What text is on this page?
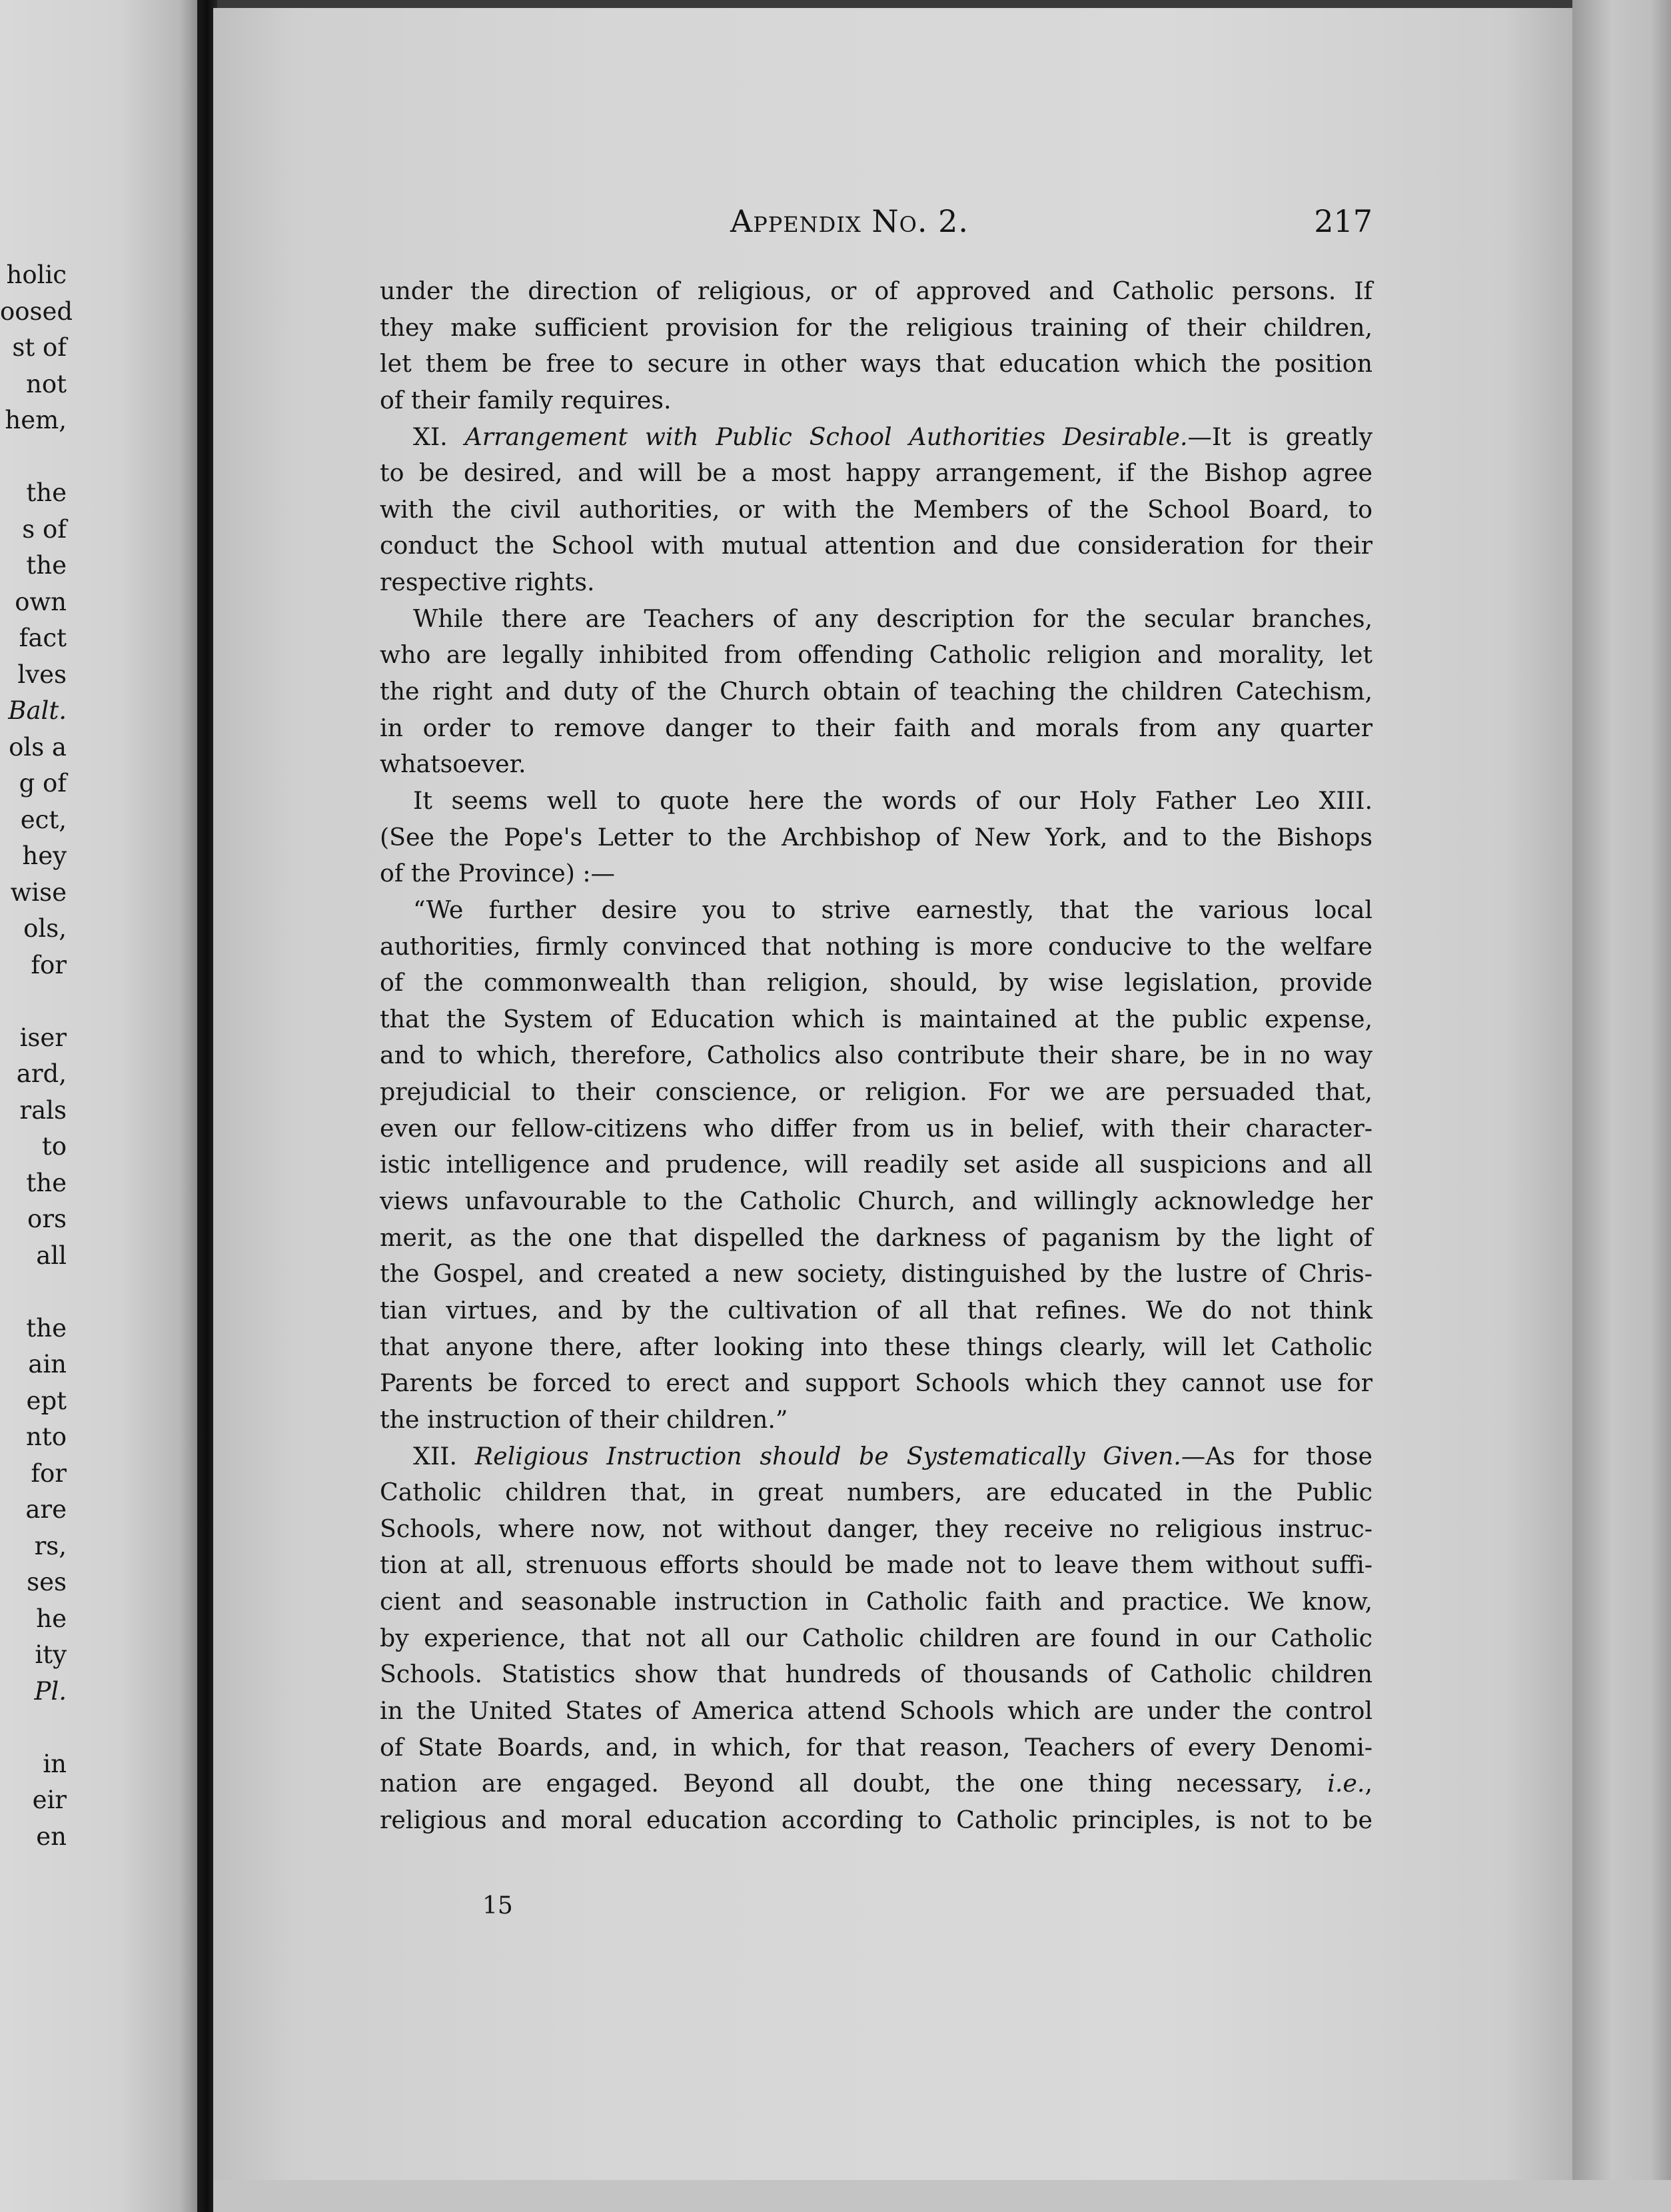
holic
oosed
st of
not
hem,
the
s of
the
own
fact
lves
Balt.
ols a
g of
ect,
hey
wise
ols,
for
iser
ard,
rals
to
the
ors
all
the
ain
ept
nto
for
are
rs,
ses
he
ity
Pl.
in
eir
en
Appendix No. 2.	217
under the direction of religious, or of approved and Catholic persons. If
they make sufficient provision for the religious training of their children,
let them be free to secure in other ways that education which the position
of their family requires.
XI. Arrangement with Public School Authorities Desirable.—It is greatly
to be desired, and will be a most happy arrangement, if the Bishop agree
with the civil authorities, or with the Members of the School Board, to
conduct the School with mutual attention and due consideration for their
respective rights.
While there are Teachers of any description for the secular branches,
who are legally inhibited from offending Catholic religion and morality, let
the right and duty of the Church obtain of teaching the children Catechism,
in order to remove danger to their faith and morals from any quarter
whatsoever.
It seems well to quote here the words of our Holy Father Leo XIII.
(See the Pope's Letter to the Archbishop of New York, and to the Bishops
of the Province) :—
“We further desire you to strive earnestly, that the various local
authorities, firmly convinced that nothing is more conducive to the welfare
of the commonwealth than religion, should, by wise legislation, provide
that the System of Education which is maintained at the public expense,
and to which, therefore, Catholics also contribute their share, be in no way
prejudicial to their conscience, or religion. For we are persuaded that,
even our fellow-citizens who differ from us in belief, with their character-
istic intelligence and prudence, will readily set aside all suspicions and all
views unfavourable to the Catholic Church, and willingly acknowledge her
merit, as the one that dispelled the darkness of paganism by the light of
the Gospel, and created a new society, distinguished by the lustre of Chris-
tian virtues, and by the cultivation of all that refines. We do not think
that anyone there, after looking into these things clearly, will let Catholic
Parents be forced to erect and support Schools which they cannot use for
the instruction of their children.”
XII. Religious Instruction should be Systematically Given.—As for those
Catholic children that, in great numbers, are educated in the Public
Schools, where now, not without danger, they receive no religious instruc-
tion at all, strenuous efforts should be made not to leave them without suffi-
cient and seasonable instruction in Catholic faith and practice. We know,
by experience, that not all our Catholic children are found in our Catholic
Schools. Statistics show that hundreds of thousands of Catholic children
in the United States of America attend Schools which are under the control
of State Boards, and, in which, for that reason, Teachers of every Denomi-
nation are engaged. Beyond all doubt, the one thing necessary, i.e.,
religious and moral education according to Catholic principles, is not to be
15
